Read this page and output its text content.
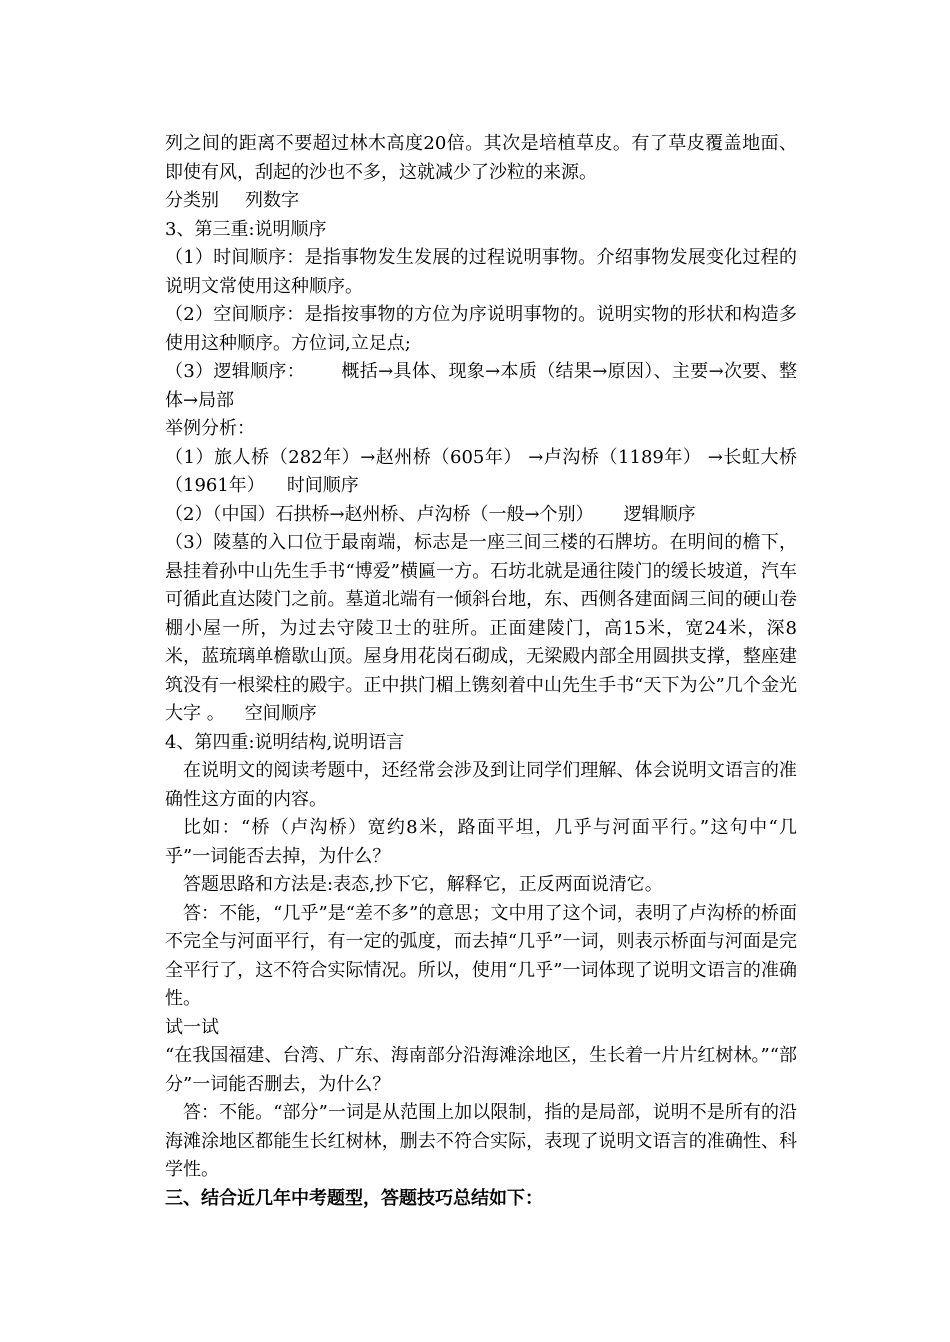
列之间的距离不要超过林木高度20倍。其次是培植草皮。有了草皮覆盖地面、即使有风，刮起的沙也不多，这就减少了沙粒的来源。

分类别 列数字

3、第三重:说明顺序

（1）时间顺序：是指事物发生发展的过程说明事物。介绍事物发展变化过程的说明文常使用这种顺序。

（2）空间顺序：是指按事物的方位为序说明事物的。说明实物的形状和构造多使用这种顺序。方位词,立足点;

（3）逻辑顺序： 概括→具体、现象→本质（结果→原因）、主要→次要、整体→局部

举例分析：

（1）旅人桥（282年）→赵州桥（605年） →卢沟桥（1189年） →长虹大桥（1961年） 时间顺序

（2）（中国）石拱桥→赵州桥、卢沟桥（一般→个别） 逻辑顺序

（3）陵墓的入口位于最南端，标志是一座三间三楼的石牌坊。在明间的檐下，悬挂着孙中山先生手书“博爱”横匾一方。石坊北就是通往陵门的缓长坡道，汽车可循此直达陵门之前。墓道北端有一倾斜台地，东、西侧各建面阔三间的硬山卷棚小屋一所，为过去守陵卫士的驻所。正面建陵门，高15米，宽24米，深8米，蓝琉璃单檐歇山顶。屋身用花岗石砌成，无梁殿内部全用圆拱支撑，整座建筑没有一根梁柱的殿宇。正中拱门楣上镌刻着中山先生手书“天下为公”几个金光大字 。 空间顺序

4、第四重:说明结构,说明语言

在说明文的阅读考题中，还经常会涉及到让同学们理解、体会说明文语言的准确性这方面的内容。

比如：“桥（卢沟桥）宽约8米，路面平坦，几乎与河面平行。”这句中“几乎”一词能否去掉，为什么？

答题思路和方法是:表态,抄下它，解释它，正反两面说清它。

答：不能，“几乎”是“差不多”的意思；文中用了这个词，表明了卢沟桥的桥面不完全与河面平行，有一定的弧度，而去掉“几乎”一词，则表示桥面与河面是完全平行了，这不符合实际情况。所以，使用“几乎”一词体现了说明文语言的准确性。

试一试

“在我国福建、台湾、广东、海南部分沿海滩涂地区，生长着一片片红树林。”“部分”一词能否删去，为什么？

答：不能。“部分”一词是从范围上加以限制，指的是局部，说明不是所有的沿海滩涂地区都能生长红树林，删去不符合实际，表现了说明文语言的准确性、科学性。

三、结合近几年中考题型，答题技巧总结如下：
